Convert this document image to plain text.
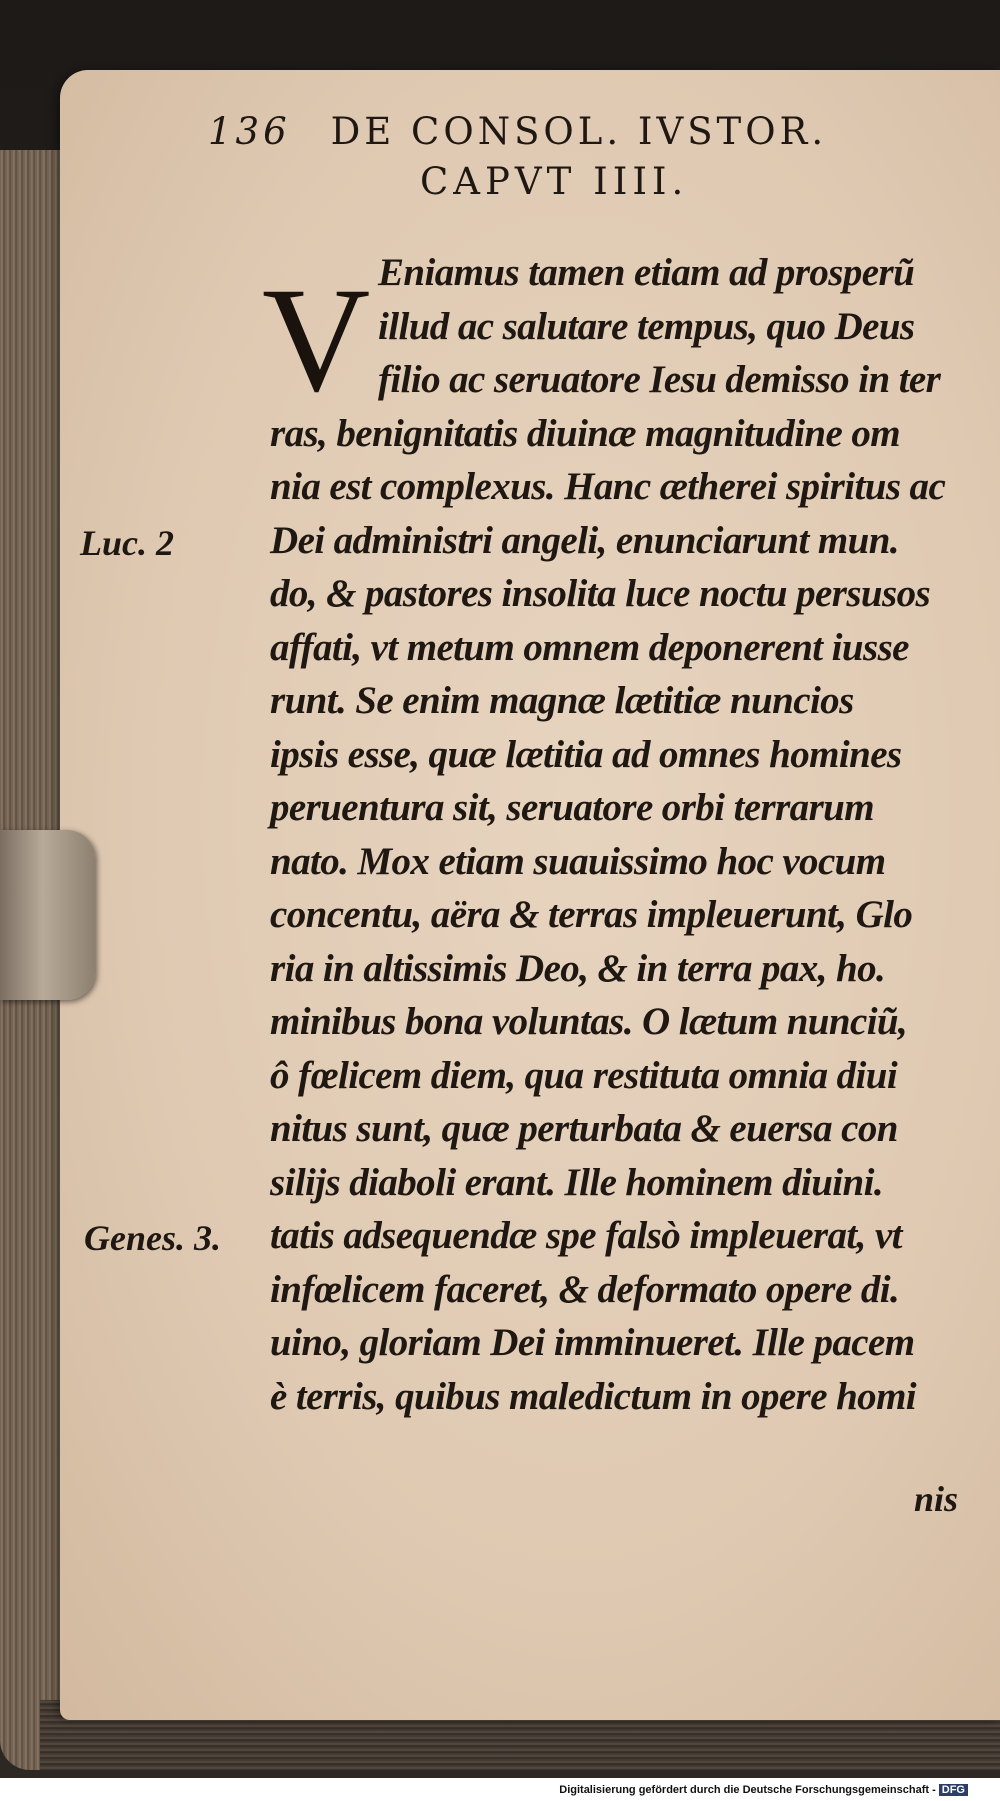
136 DE CONSOL. IVSTOR.
CAPVT IIII.
V Eniamus tamen etiam ad prosperũ
illud ac salutare tempus, quo Deus
filio ac seruatore Iesu demisso in ter
ras, benignitatis diuinæ magnitudine om
nia est complexus. Hanc ætherei spiritus ac
Dei administri angeli, enunciarunt mun.
do, & pastores insolita luce noctu persusos
affati, vt metum omnem deponerent iusse
runt. Se enim magnæ lætitiæ nuncios
ipsis esse, quæ lætitia ad omnes homines
peruentura sit, seruatore orbi terrarum
nato. Mox etiam suauissimo hoc vocum
concentu, aëra & terras impleuerunt, Glo
ria in altissimis Deo, & in terra pax, ho.
minibus bona voluntas. O lætum nunciũ,
ô fœlicem diem, qua restituta omnia diui
nitus sunt, quæ perturbata & euersa con
silijs diaboli erant. Ille hominem diuini.
tatis adsequendæ spe falsò impleuerat, vt
infœlicem faceret, & deformato opere di.
uino, gloriam Dei imminueret. Ille pacem
è terris, quibus maledictum in opere homi
Luc. 2
Genes. 3.
nis
Digitalisierung gefördert durch die Deutsche Forschungsgemeinschaft - DFG
